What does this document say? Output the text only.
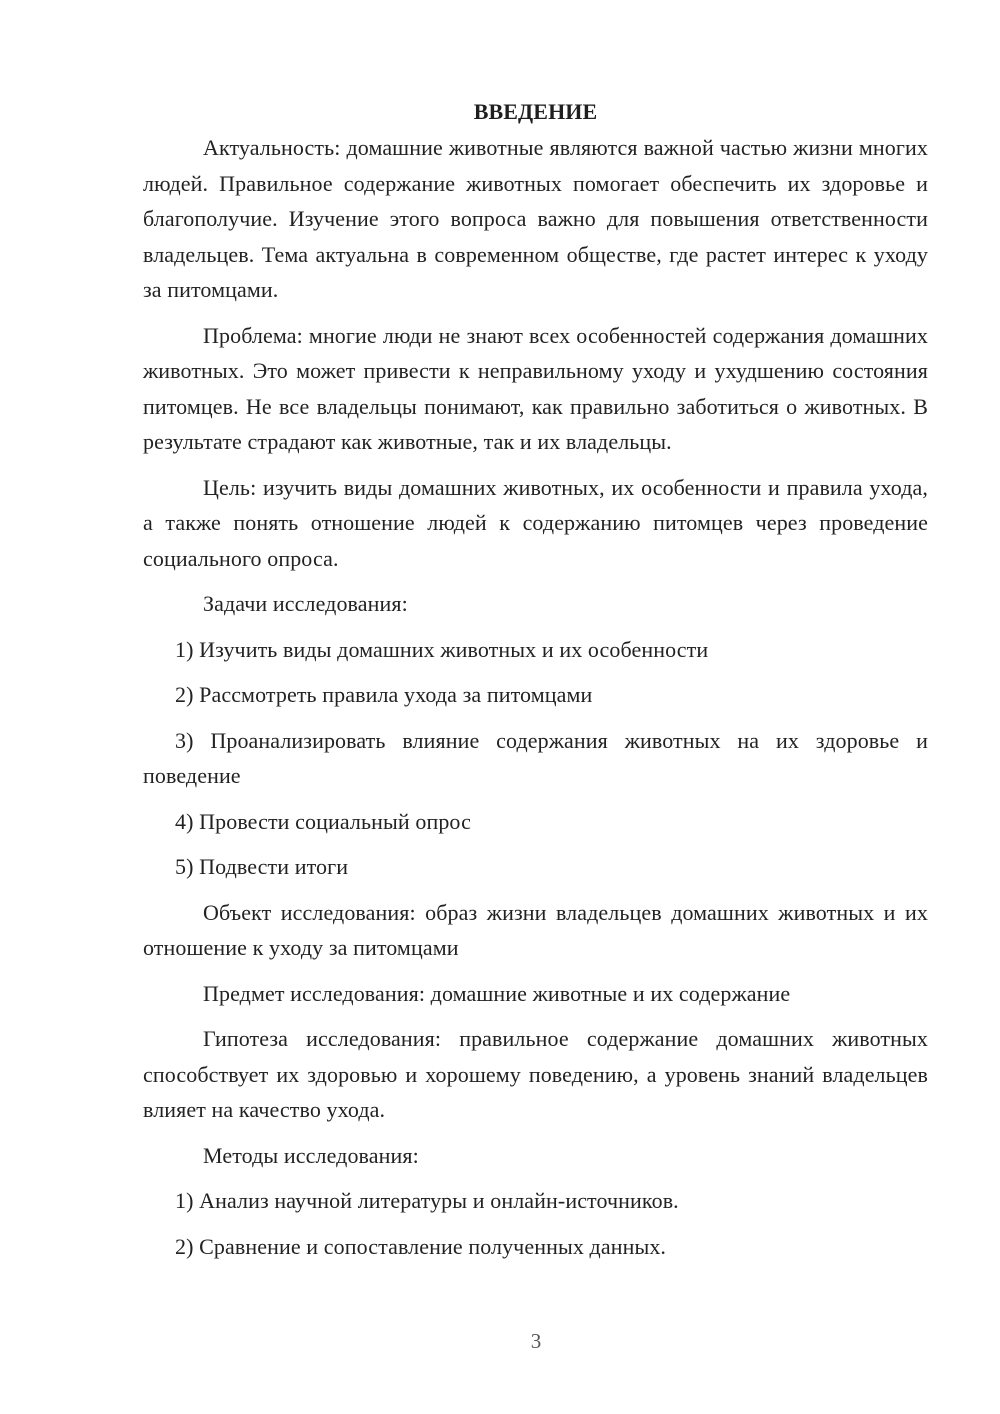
ВВЕДЕНИЕ

Актуальность: домашние животные являются важной частью жизни многих людей. Правильное содержание животных помогает обеспечить их здоровье и благополучие. Изучение этого вопроса важно для повышения ответственности владельцев. Тема актуальна в современном обществе, где растет интерес к уходу за питомцами.

Проблема: многие люди не знают всех особенностей содержания домашних животных. Это может привести к неправильному уходу и ухудшению состояния питомцев. Не все владельцы понимают, как правильно заботиться о животных. В результате страдают как животные, так и их владельцы.

Цель: изучить виды домашних животных, их особенности и правила ухода, а также понять отношение людей к содержанию питомцев через проведение социального опроса.

Задачи исследования:

1) Изучить виды домашних животных и их особенности

2) Рассмотреть правила ухода за питомцами

3) Проанализировать влияние содержания животных на их здоровье и поведение

4) Провести социальный опрос

5) Подвести итоги

Объект исследования: образ жизни владельцев домашних животных и их отношение к уходу за питомцами

Предмет исследования: домашние животные и их содержание

Гипотеза исследования: правильное содержание домашних животных способствует их здоровью и хорошему поведению, а уровень знаний владельцев влияет на качество ухода.

Методы исследования:

1) Анализ научной литературы и онлайн-источников.

2) Сравнение и сопоставление полученных данных.

3
